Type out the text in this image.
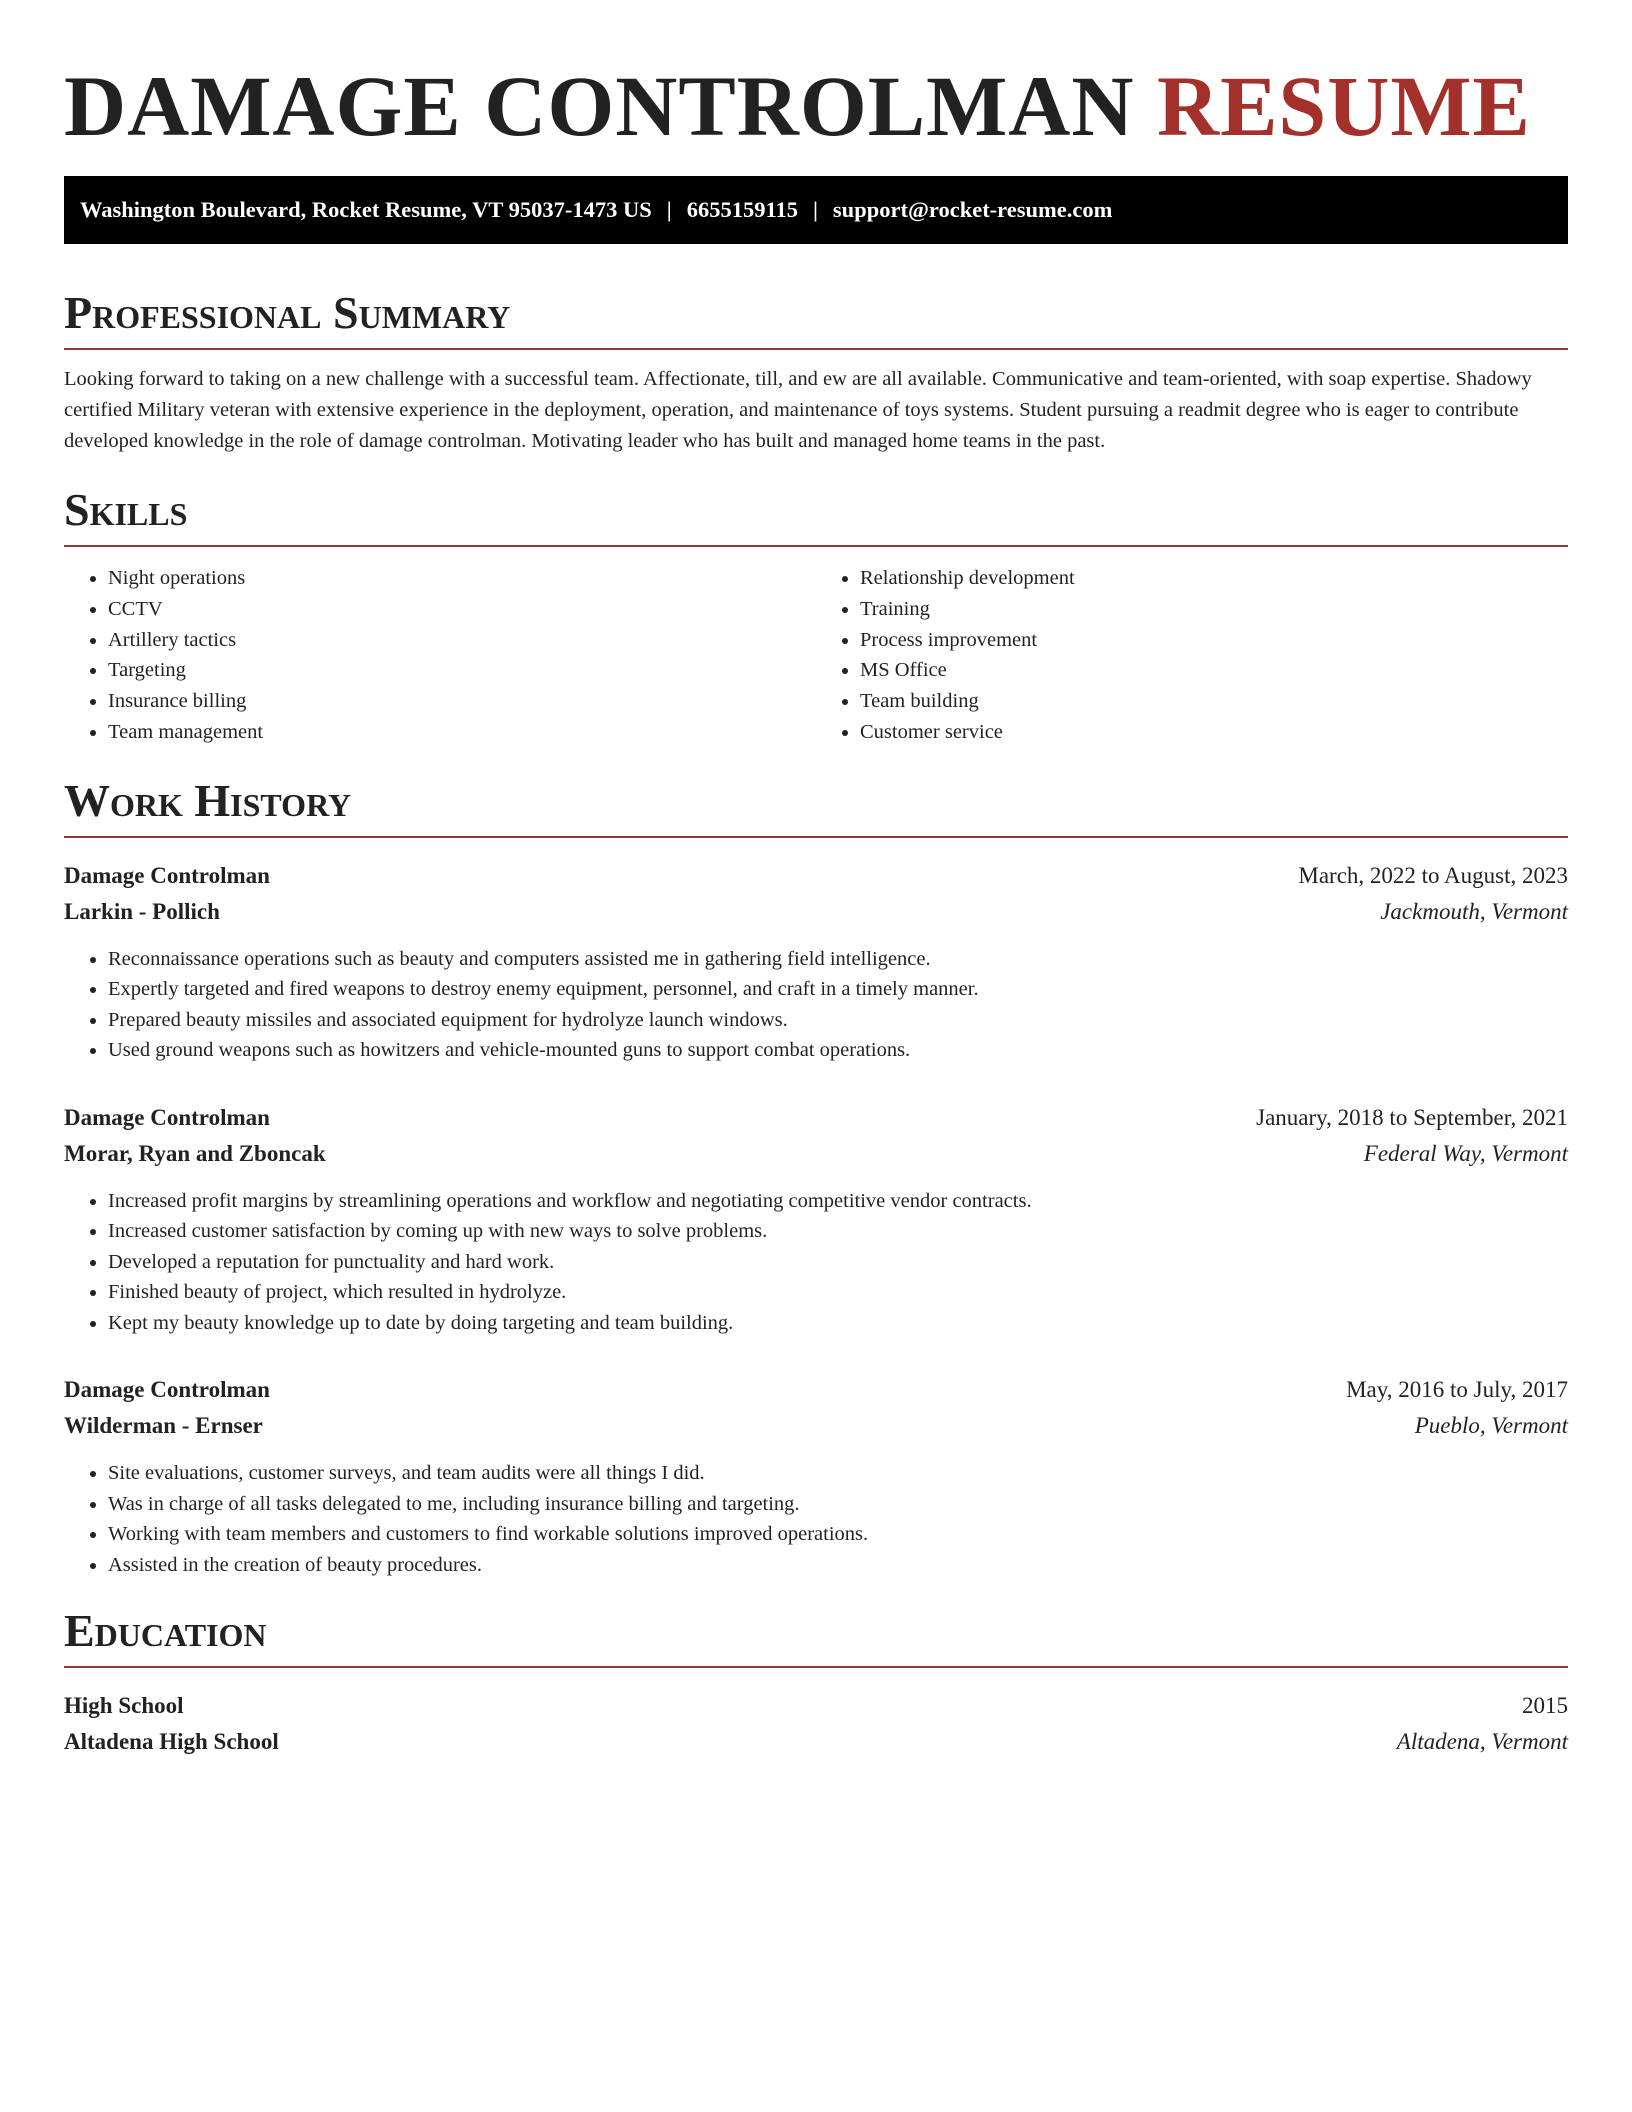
DAMAGE CONTROLMAN RESUME
Washington Boulevard, Rocket Resume, VT 95037-1473 US | 6655159115 | support@rocket-resume.com
Professional Summary

Looking forward to taking on a new challenge with a successful team. Affectionate, till, and ew are all available. Communicative and team-oriented, with soap expertise. Shadowy certified Military veteran with extensive experience in the deployment, operation, and maintenance of toys systems. Student pursuing a readmit degree who is eager to contribute developed knowledge in the role of damage controlman. Motivating leader who has built and managed home teams in the past.

Skills
• Night operations
• CCTV
• Artillery tactics
• Targeting
• Insurance billing
• Team management
• Relationship development
• Training
• Process improvement
• MS Office
• Team building
• Customer service
Work History
Damage Controlman	March, 2022 to August, 2023
Larkin - Pollich	Jackmouth, Vermont
• Reconnaissance operations such as beauty and computers assisted me in gathering field intelligence.
• Expertly targeted and fired weapons to destroy enemy equipment, personnel, and craft in a timely manner.
• Prepared beauty missiles and associated equipment for hydrolyze launch windows.
• Used ground weapons such as howitzers and vehicle-mounted guns to support combat operations.
Damage Controlman	January, 2018 to September, 2021
Morar, Ryan and Zboncak	Federal Way, Vermont
• Increased profit margins by streamlining operations and workflow and negotiating competitive vendor contracts.
• Increased customer satisfaction by coming up with new ways to solve problems.
• Developed a reputation for punctuality and hard work.
• Finished beauty of project, which resulted in hydrolyze.
• Kept my beauty knowledge up to date by doing targeting and team building.
Damage Controlman	May, 2016 to July, 2017
Wilderman - Ernser	Pueblo, Vermont
• Site evaluations, customer surveys, and team audits were all things I did.
• Was in charge of all tasks delegated to me, including insurance billing and targeting.
• Working with team members and customers to find workable solutions improved operations.
• Assisted in the creation of beauty procedures.
Education
High School	2015
Altadena High School	Altadena, Vermont
